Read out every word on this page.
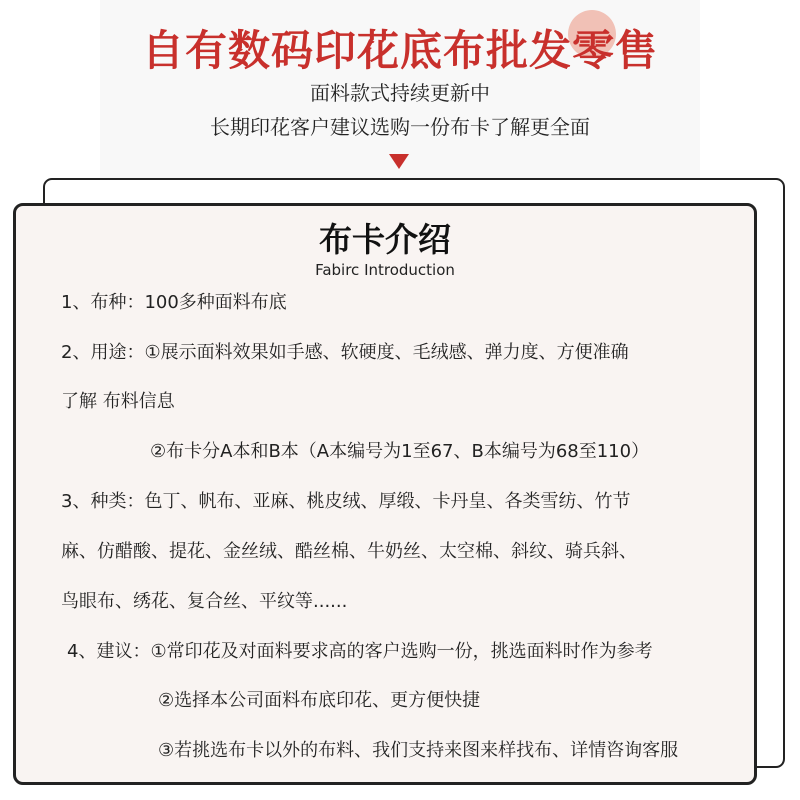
自有数码印花底布批发零售
面料款式持续更新中
长期印花客户建议选购一份布卡了解更全面
布卡介绍
Fabirc Introduction
1、布种：100多种面料布底
2、用途：①展示面料效果如手感、软硬度、毛绒感、弹力度、方便准确
了解 布料信息
②布卡分A本和B本（A本编号为1至67、B本编号为68至110）
3、种类：色丁、帆布、亚麻、桃皮绒、厚缎、卡丹皇、各类雪纺、竹节
麻、仿醋酸、提花、金丝绒、酷丝棉、牛奶丝、太空棉、斜纹、骑兵斜、
鸟眼布、绣花、复合丝、平纹等......
4、建议：①常印花及对面料要求高的客户选购一份，挑选面料时作为参考
②选择本公司面料布底印花、更方便快捷
③若挑选布卡以外的布料、我们支持来图来样找布、详情咨询客服
